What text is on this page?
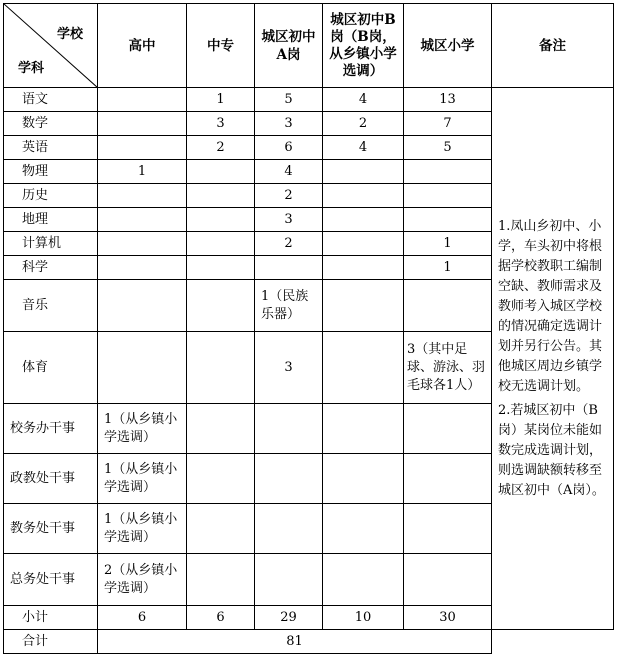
学校
学科	高中	中专	城区初中A岗	城区初中B岗（B岗，从乡镇小学选调）	城区小学	备注
语文		1	5	4	13	1.凤山乡初中、小学，车头初中将根据学校教职工编制空缺、教师需求及教师考入城区学校的情况确定选调计划并另行公告。其他城区周边乡镇学校无选调计划。

2.若城区初中（B岗）某岗位未能如数完成选调计划，则选调缺额转移至城区初中（A岗）。

数学		3	3	2	7	
英语		2	6	4	5	
物理	1		4			
历史			2			
地理			3			
计算机			2		1	
科学					1	
音乐			1（民族乐器）			
体育			3		3（其中足球、游泳、羽毛球各1人）	
校务办干事	1（从乡镇小学选调）					
政教处干事	1（从乡镇小学选调）					
教务处干事	1（从乡镇小学选调）					
总务处干事	2（从乡镇小学选调）					
小计	6	6	29	10	30	
合计	81					
